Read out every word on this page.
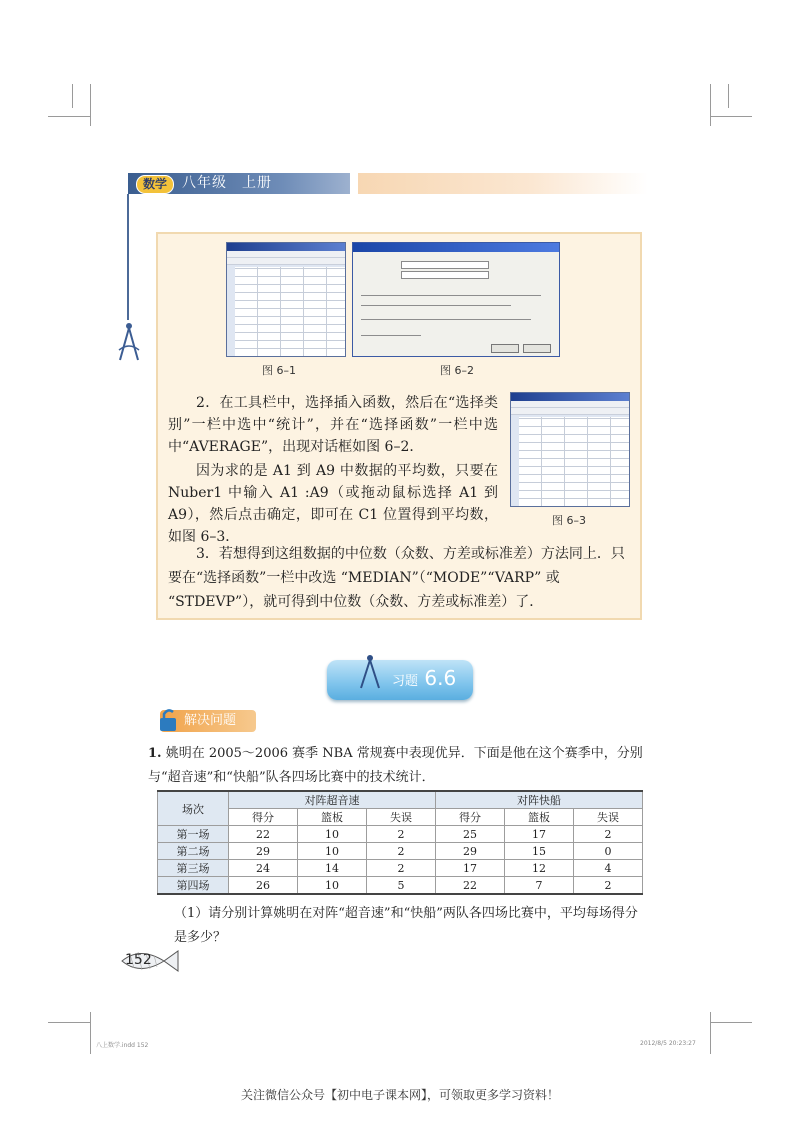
数学	八年级　上册
图 6–1	图 6–2
图 6–3
2．在工具栏中，选择插入函数，然后在“选择类别”一栏中选中“统计”，并在“选择函数”一栏中选中“AVERAGE”，出现对话框如图 6–2．
因为求的是 A1 到 A9 中数据的平均数，只要在 Nuber1 中输入 A1 :A9（或拖动鼠标选择 A1 到 A9），然后点击确定，即可在 C1 位置得到平均数，如图 6–3．
3．若想得到这组数据的中位数（众数、方差或标准差）方法同上．只要在“选择函数”一栏中改选 “MEDIAN”（“MODE”“VARP” 或 “STDEVP”），就可得到中位数（众数、方差或标准差）了．
习题 6.6
解决问题
1. 姚明在 2005～2006 赛季 NBA 常规赛中表现优异．下面是他在这个赛季中，分别与“超音速”和“快船”队各四场比赛中的技术统计．
场次	对阵超音速			对阵快船		
	得分	篮板	失误	得分	篮板	失误
第一场	22	10	2	25	17	2
第二场	29	10	2	29	15	0
第三场	24	14	2	17	12	4
第四场	26	10	5	22	7	2
（1）请分别计算姚明在对阵“超音速”和“快船”两队各四场比赛中，平均每场得分是多少？
152
八上数学.indd 152	2012/8/5 20:23:27
关注微信公众号【初中电子课本网】，可领取更多学习资料！
